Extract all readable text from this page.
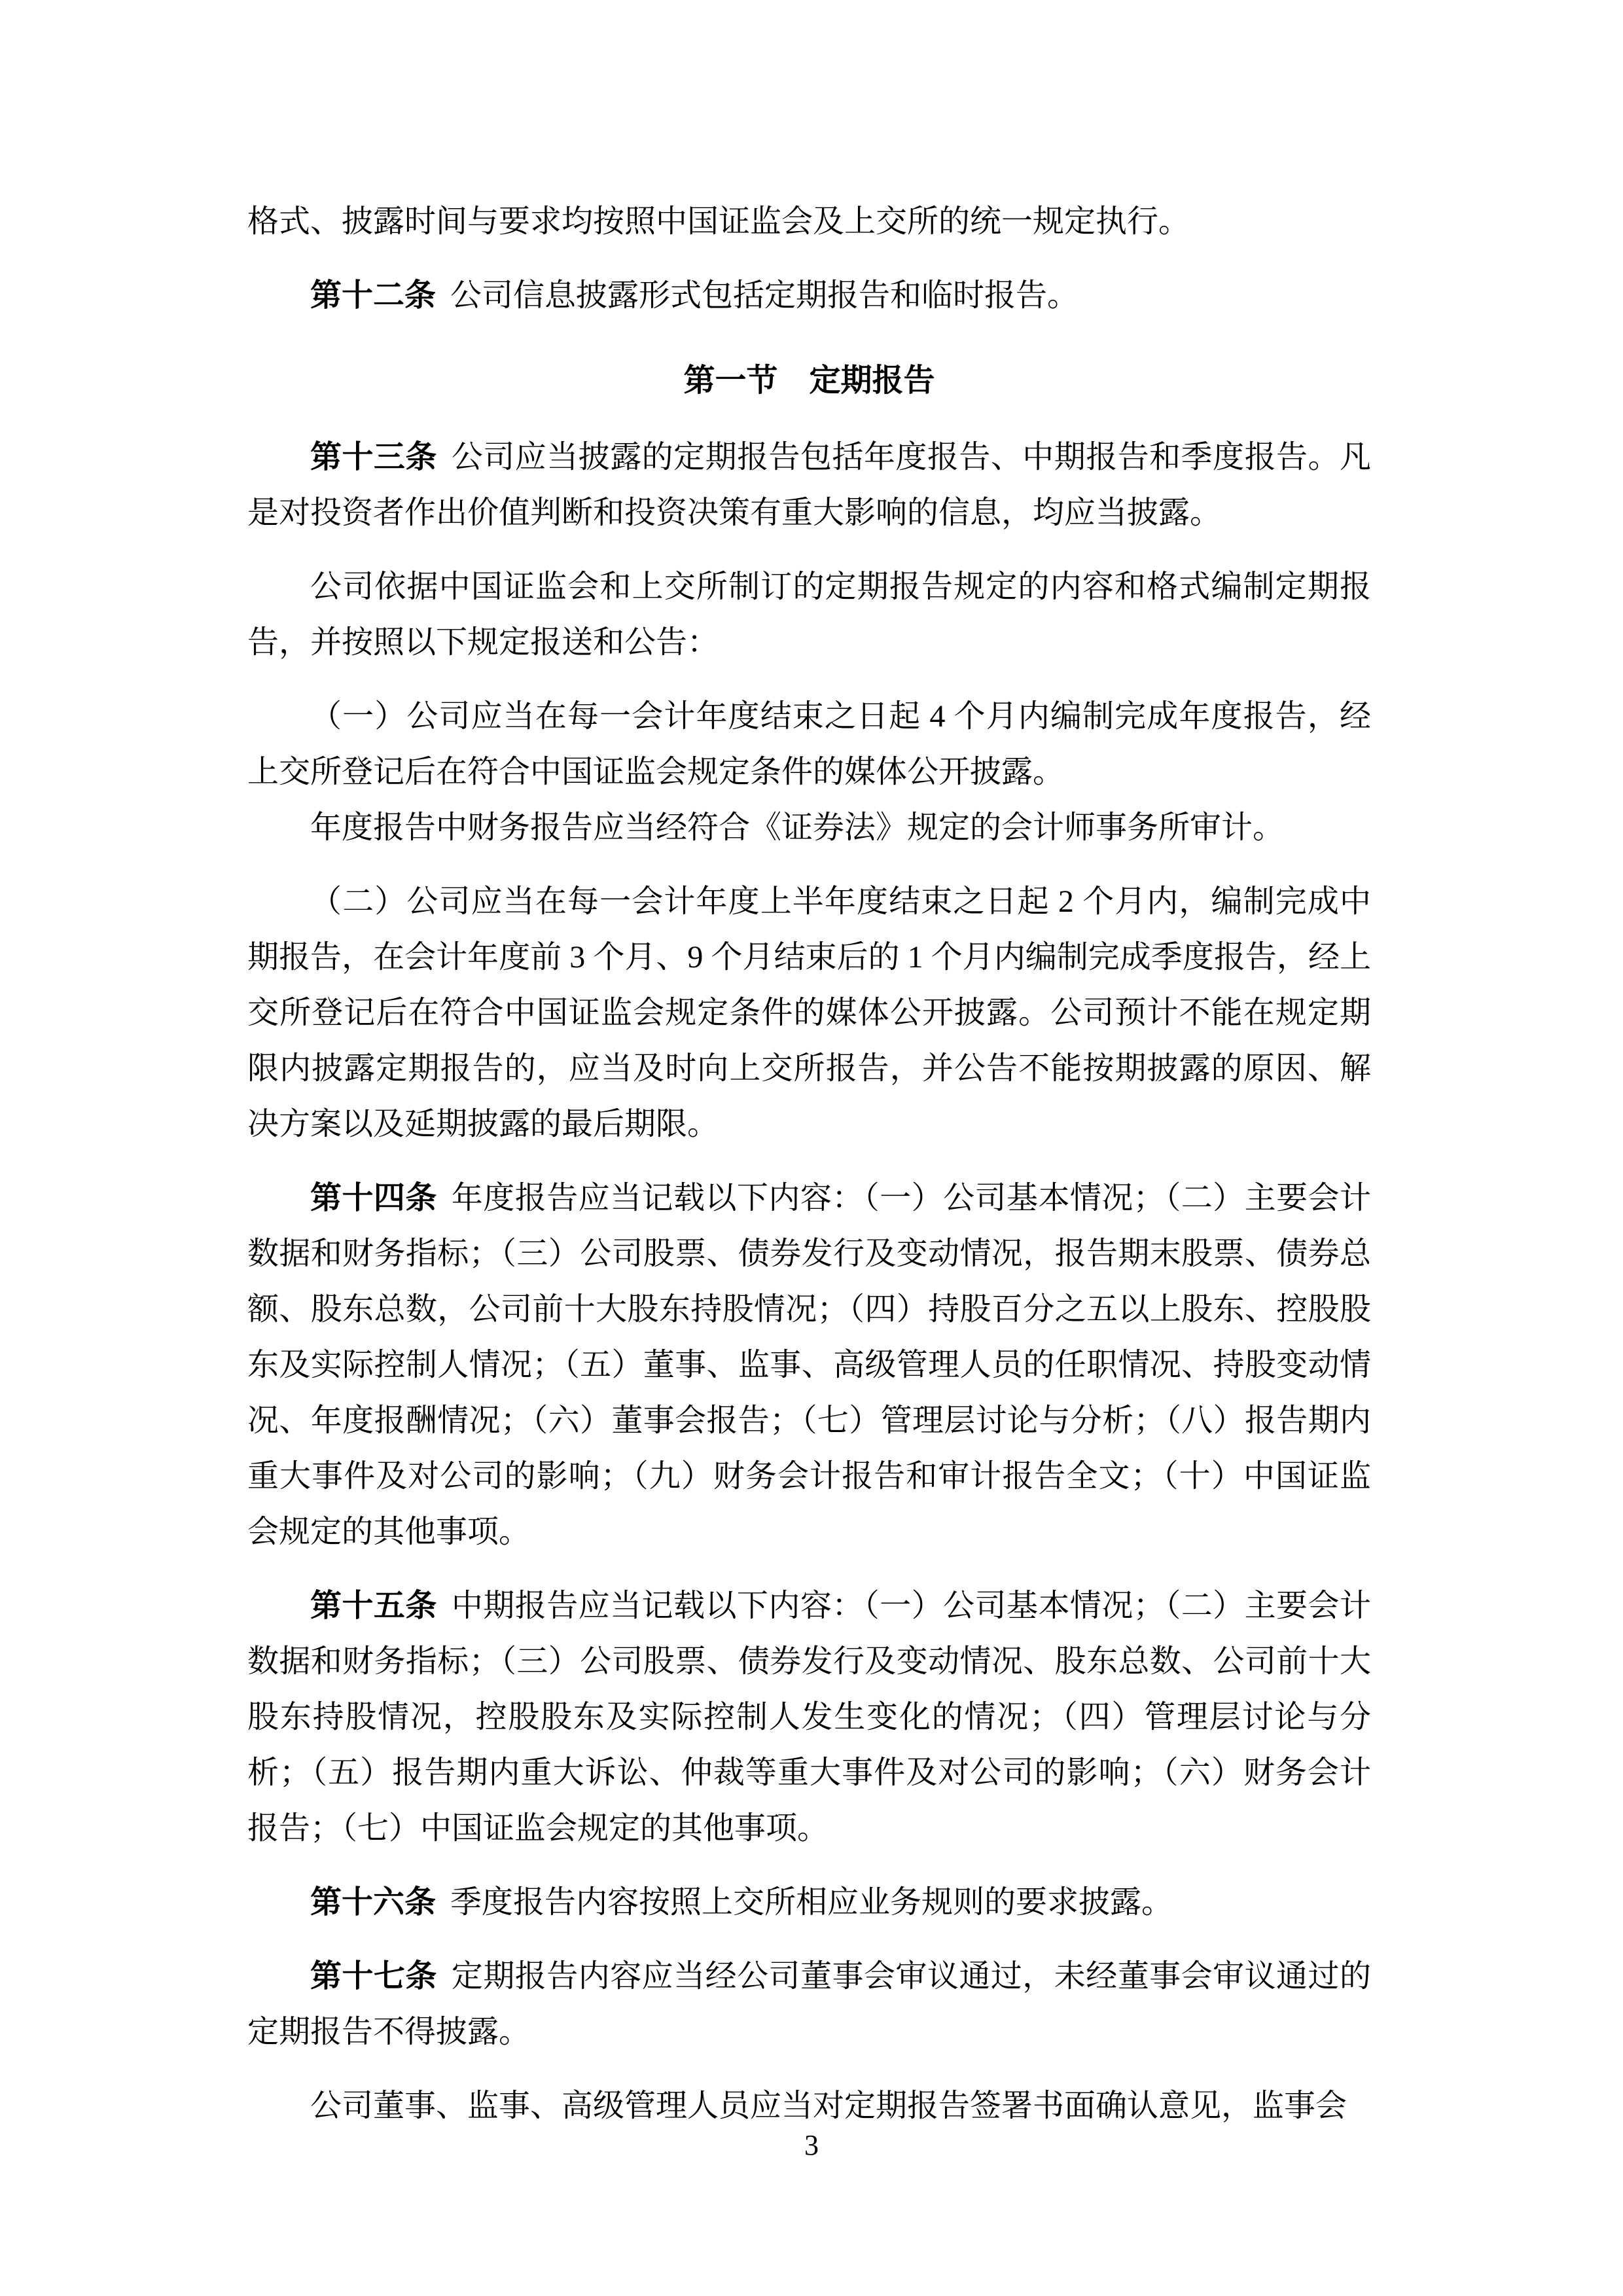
格式、披露时间与要求均按照中国证监会及上交所的统一规定执行。

第十二条 公司信息披露形式包括定期报告和临时报告。

第一节　定期报告

第十三条 公司应当披露的定期报告包括年度报告、中期报告和季度报告。凡是对投资者作出价值判断和投资决策有重大影响的信息，均应当披露。

公司依据中国证监会和上交所制订的定期报告规定的内容和格式编制定期报告，并按照以下规定报送和公告：

（一）公司应当在每一会计年度结束之日起 4 个月内编制完成年度报告，经上交所登记后在符合中国证监会规定条件的媒体公开披露。

年度报告中财务报告应当经符合《证券法》规定的会计师事务所审计。

（二）公司应当在每一会计年度上半年度结束之日起 2 个月内，编制完成中期报告，在会计年度前 3 个月、9 个月结束后的 1 个月内编制完成季度报告，经上交所登记后在符合中国证监会规定条件的媒体公开披露。公司预计不能在规定期限内披露定期报告的，应当及时向上交所报告，并公告不能按期披露的原因、解决方案以及延期披露的最后期限。

第十四条 年度报告应当记载以下内容：（一）公司基本情况；（二）主要会计数据和财务指标；（三）公司股票、债券发行及变动情况，报告期末股票、债券总额、股东总数，公司前十大股东持股情况；（四）持股百分之五以上股东、控股股东及实际控制人情况；（五）董事、监事、高级管理人员的任职情况、持股变动情况、年度报酬情况；（六）董事会报告；（七）管理层讨论与分析；（八）报告期内重大事件及对公司的影响；（九）财务会计报告和审计报告全文；（十）中国证监会规定的其他事项。

第十五条 中期报告应当记载以下内容：（一）公司基本情况；（二）主要会计数据和财务指标；（三）公司股票、债券发行及变动情况、股东总数、公司前十大股东持股情况，控股股东及实际控制人发生变化的情况；（四）管理层讨论与分析；（五）报告期内重大诉讼、仲裁等重大事件及对公司的影响；（六）财务会计报告；（七）中国证监会规定的其他事项。

第十六条 季度报告内容按照上交所相应业务规则的要求披露。

第十七条 定期报告内容应当经公司董事会审议通过，未经董事会审议通过的定期报告不得披露。

公司董事、监事、高级管理人员应当对定期报告签署书面确认意见，监事会

3
